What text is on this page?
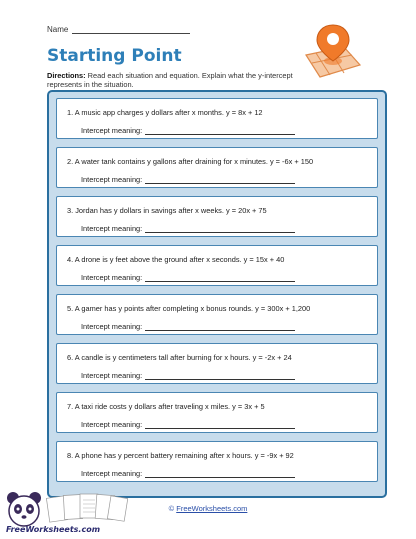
Name
Starting Point
Directions: Read each situation and equation. Explain what the y-intercept represents in the situation.
1. A music app charges y dollars after x months. y = 8x + 12
Intercept meaning:
2. A water tank contains y gallons after draining for x minutes. y = -6x + 150
Intercept meaning:
3. Jordan has y dollars in savings after x weeks. y = 20x + 75
Intercept meaning:
4. A drone is y feet above the ground after x seconds. y = 15x + 40
Intercept meaning:
5. A gamer has y points after completing x bonus rounds. y = 300x + 1,200
Intercept meaning:
6. A candle is y centimeters tall after burning for x hours. y = -2x + 24
Intercept meaning:
7. A taxi ride costs y dollars after traveling x miles. y = 3x + 5
Intercept meaning:
8. A phone has y percent battery remaining after x hours. y = -9x + 92
Intercept meaning:
FreeWorksheets.com
© FreeWorksheets.com
